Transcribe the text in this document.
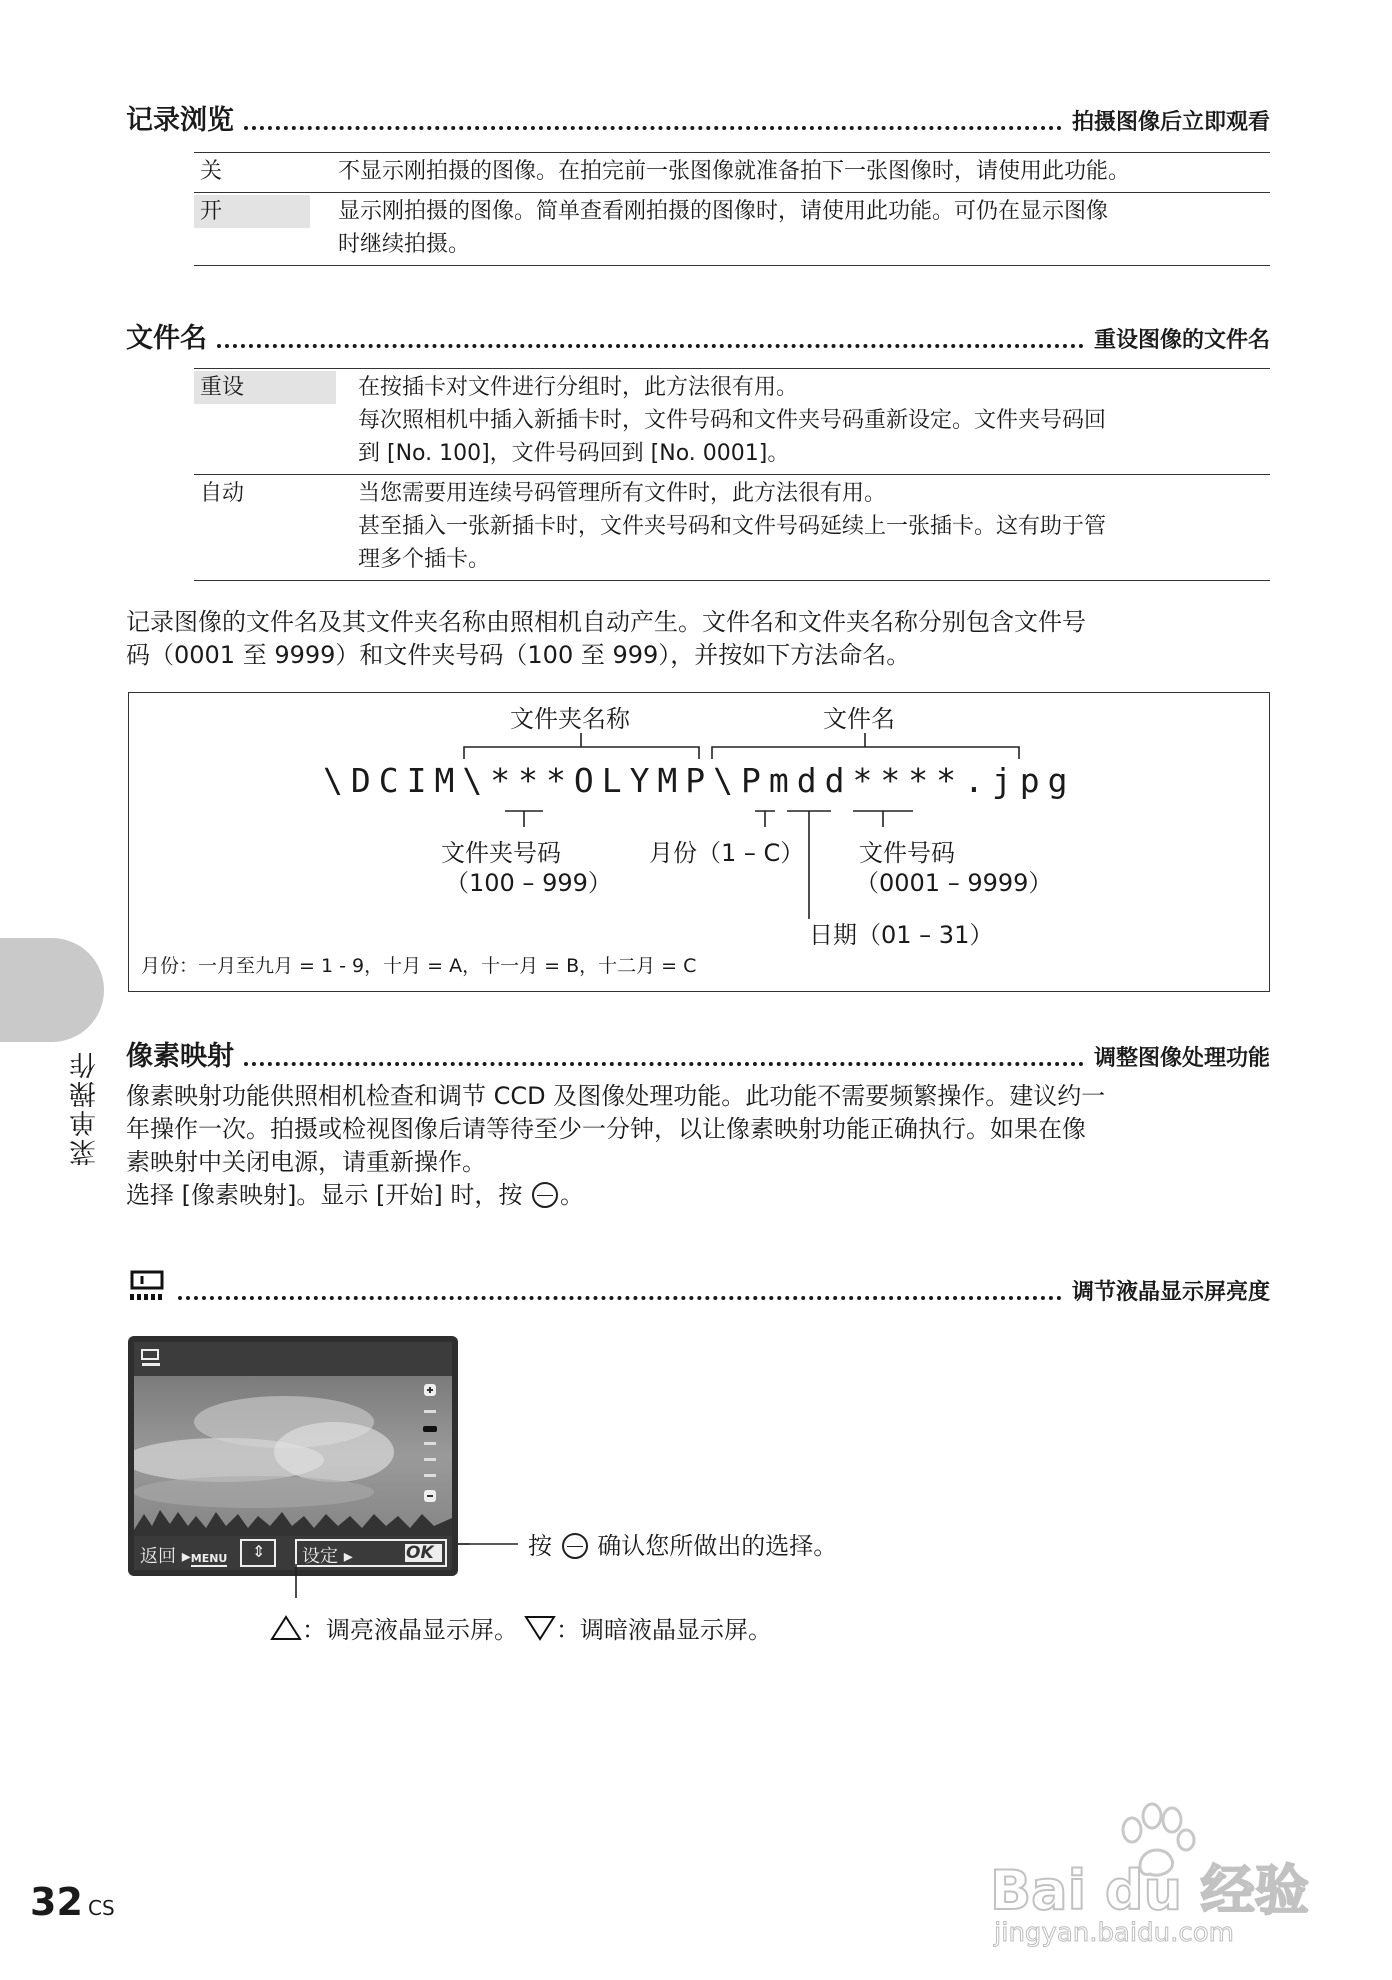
记录浏览	拍摄图像后立即观看
关	不显示刚拍摄的图像。在拍完前一张图像就准备拍下一张图像时，请使用此功能。
开	显示刚拍摄的图像。简单查看刚拍摄的图像时，请使用此功能。可仍在显示图像
时继续拍摄。
文件名	重设图像的文件名
重设	在按插卡对文件进行分组时，此方法很有用。
每次照相机中插入新插卡时，文件号码和文件夹号码重新设定。文件夹号码回
到 [No. 100]，文件号码回到 [No. 0001]。
自动	当您需要用连续号码管理所有文件时，此方法很有用。
甚至插入一张新插卡时，文件夹号码和文件号码延续上一张插卡。这有助于管
理多个插卡。
记录图像的文件名及其文件夹名称由照相机自动产生。文件名和文件夹名称分别包含文件号
码（0001 至 9999）和文件夹号码（100 至 999），并按如下方法命名。
文件夹名称	文件名
\DCIM\***OLYMP\Pmdd****.jpg
文件夹号码
（100 – 999）
月份（1 – C） 文件号码
（0001 – 9999）
日期（01 – 31）
月份：一月至九月 = 1 - 9，十月 = A，十一月 = B，十二月 = C
菜单操作 像素映射	调整图像处理功能
像素映射功能供照相机检查和调节 CCD 及图像处理功能。此功能不需要频繁操作。建议约一
年操作一次。拍摄或检视图像后请等待至少一分钟，以让像素映射功能正确执行。如果在像
素映射中关闭电源，请重新操作。
选择 [像素映射]。显示 [开始] 时，按 。
调节液晶显示屏亮度
返回 ▸MENU ⇕ 设定 ▸	OK	按 确认您所做出的选择。
：调亮液晶显示屏。 ：调暗液晶显示屏。
Bai du 经验
jingyan.baidu.com
32 CS
